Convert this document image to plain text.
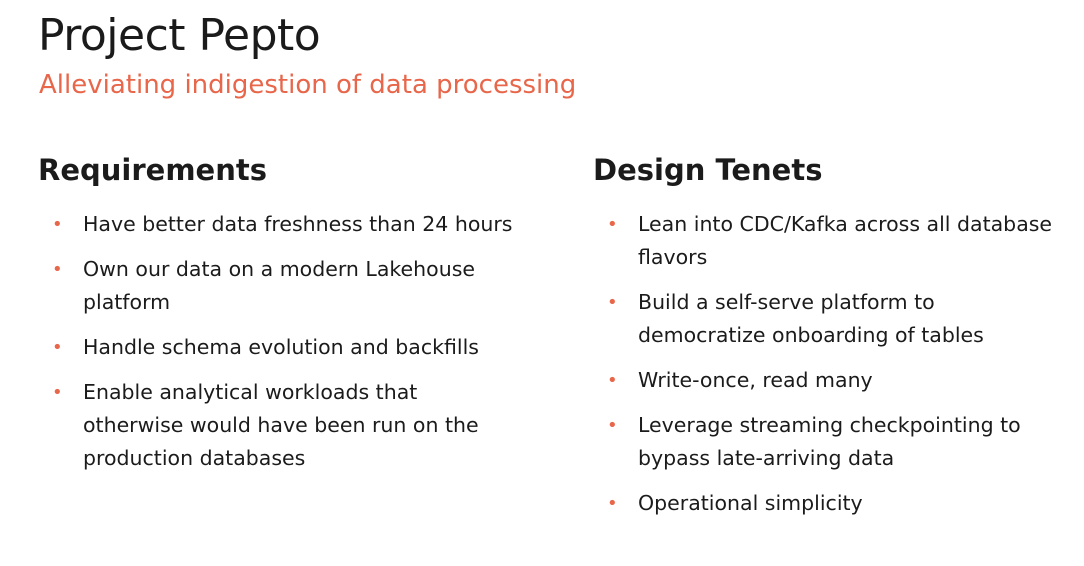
Project Pepto

Alleviating indigestion of data processing

Requirements
• Have better data freshness than 24 hours
• Own our data on a modern Lakehouse platform
• Handle schema evolution and backfills
• Enable analytical workloads that otherwise would have been run on the production databases
Design Tenets
• Lean into CDC/Kafka across all database flavors
• Build a self-serve platform to democratize onboarding of tables
• Write-once, read many
• Leverage streaming checkpointing to bypass late-arriving data
• Operational simplicity
